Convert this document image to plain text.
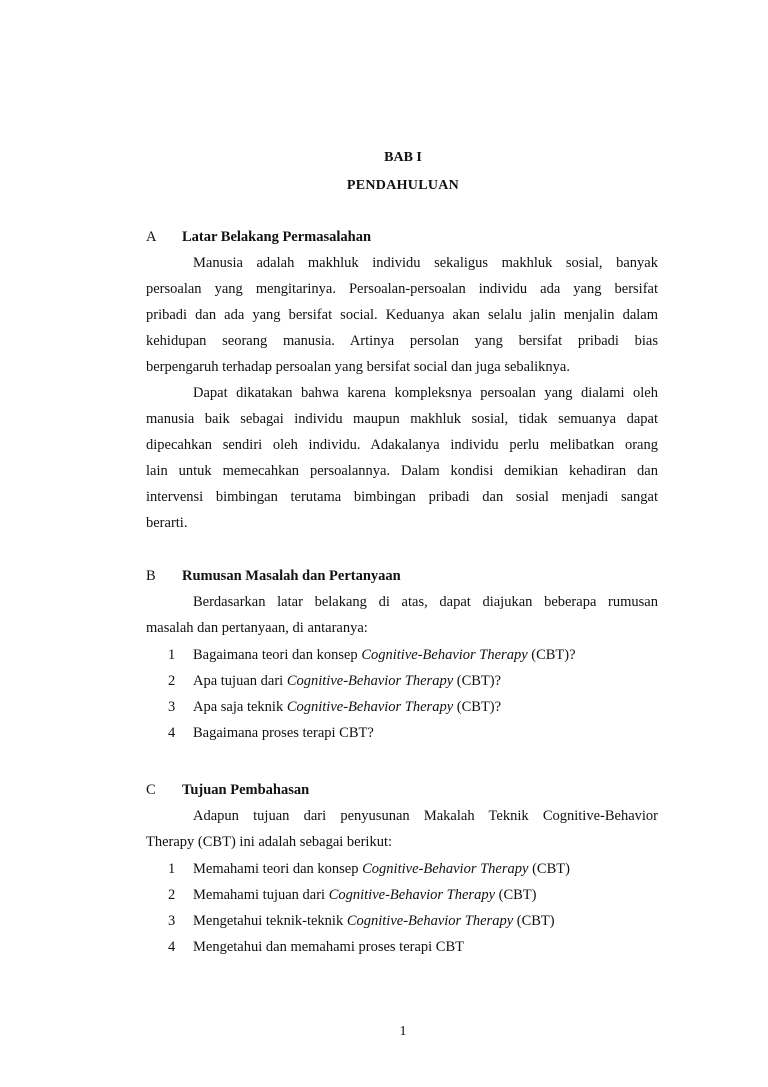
BAB I
PENDAHULUAN
A Latar Belakang Permasalahan
Manusia adalah makhluk individu sekaligus makhluk sosial, banyak
persoalan yang mengitarinya. Persoalan-persoalan individu ada yang bersifat
pribadi dan ada yang bersifat social. Keduanya akan selalu jalin menjalin dalam
kehidupan seorang manusia. Artinya persolan yang bersifat pribadi bias
berpengaruh terhadap persoalan yang bersifat social dan juga sebaliknya.
Dapat dikatakan bahwa karena kompleksnya persoalan yang dialami oleh
manusia baik sebagai individu maupun makhluk sosial, tidak semuanya dapat
dipecahkan sendiri oleh individu. Adakalanya individu perlu melibatkan orang
lain untuk memecahkan persoalannya. Dalam kondisi demikian kehadiran dan
intervensi bimbingan terutama bimbingan pribadi dan sosial menjadi sangat
berarti.
B Rumusan Masalah dan Pertanyaan
Berdasarkan latar belakang di atas, dapat diajukan beberapa rumusan
masalah dan pertanyaan, di antaranya:
1 Bagaimana teori dan konsep Cognitive-Behavior Therapy (CBT)?
2 Apa tujuan dari Cognitive-Behavior Therapy (CBT)?
3 Apa saja teknik Cognitive-Behavior Therapy (CBT)?
4 Bagaimana proses terapi CBT?
C Tujuan Pembahasan
Adapun tujuan dari penyusunan Makalah Teknik Cognitive-Behavior
Therapy (CBT) ini adalah sebagai berikut:
1 Memahami teori dan konsep Cognitive-Behavior Therapy (CBT)
2 Memahami tujuan dari Cognitive-Behavior Therapy (CBT)
3 Mengetahui teknik-teknik Cognitive-Behavior Therapy (CBT)
4 Mengetahui dan memahami proses terapi CBT
1
